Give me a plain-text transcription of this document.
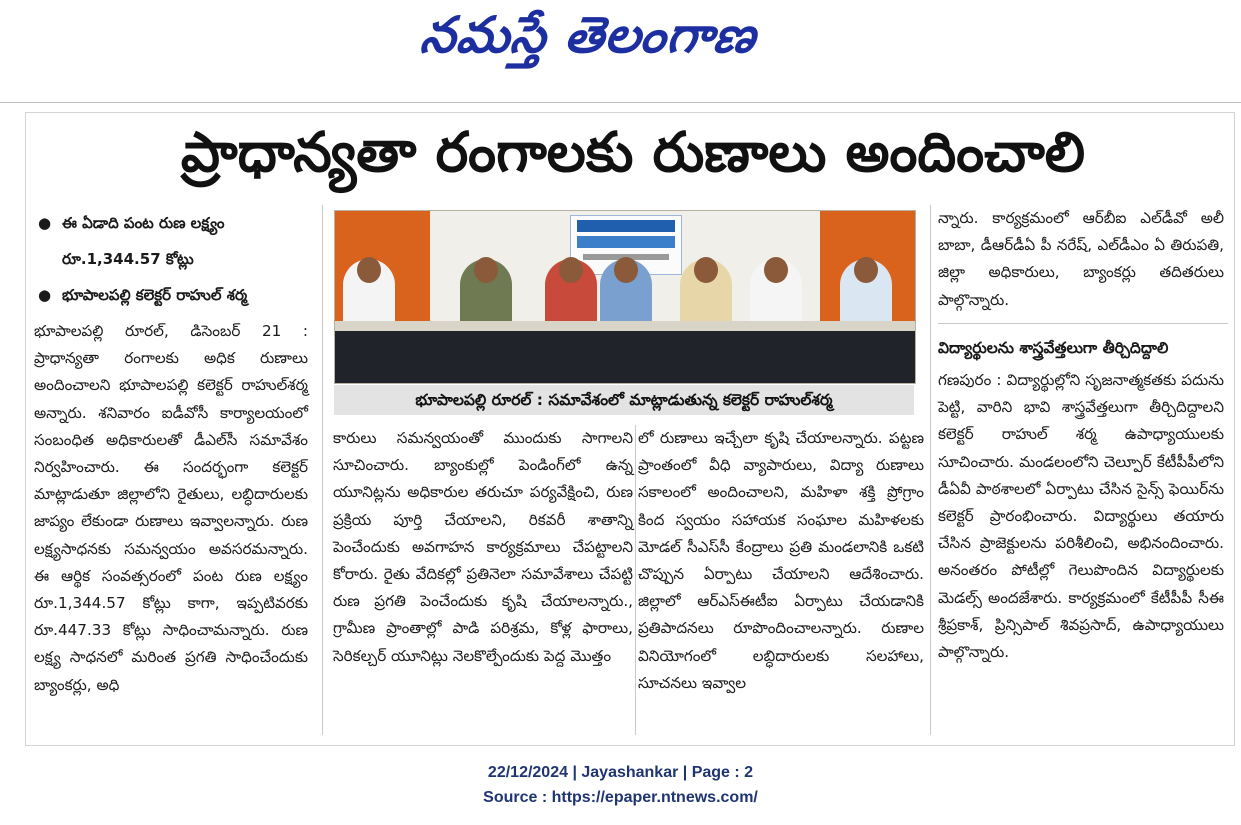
నమస్తే తెలంగాణ
ప్రాధాన్యతా రంగాలకు రుణాలు అందించాలి
● ఈ ఏడాది పంట రుణ లక్ష్యం
రూ.1,344.57 కోట్లు
● భూపాలపల్లి కలెక్టర్ రాహుల్ శర్మ

భూపాలపల్లి రూరల్, డిసెంబర్ 21 : ప్రాధాన్యతా రంగాలకు అధిక రుణాలు అందించాలని భూపాలపల్లి కలెక్టర్ రాహుల్‌శర్మ అన్నారు. శనివారం ఐడీవోసీ కార్యాలయంలో సంబంధిత అధికారులతో డీఎల్‌సీ సమావేశం నిర్వహించారు. ఈ సందర్భంగా కలెక్టర్ మాట్లాడుతూ జిల్లాలోని రైతులు, లబ్ధిదారులకు జాప్యం లేకుండా రుణాలు ఇవ్వాలన్నారు. రుణ లక్ష్యసాధనకు సమన్వయం అవసరమన్నారు. ఈ ఆర్థిక సంవత్సరంలో పంట రుణ లక్ష్యం రూ.1,344.57 కోట్లు కాగా, ఇప్పటివరకు రూ.447.33 కోట్లు సాధించామన్నారు. రుణ లక్ష్య సాధనలో మరింత ప్రగతి సాధించేందుకు బ్యాంకర్లు, అధి

భూపాలపల్లి రూరల్ : సమావేశంలో మాట్లాడుతున్న కలెక్టర్ రాహుల్‌శర్మ

కారులు సమన్వయంతో ముందుకు సాగాలని సూచించారు. బ్యాంకుల్లో పెండింగ్‌లో ఉన్న యూనిట్లను అధికారుల తరుచూ పర్యవేక్షించి, రుణ ప్రక్రియ పూర్తి చేయాలని, రికవరీ శాతాన్ని పెంచేందుకు అవగాహన కార్యక్రమాలు చేపట్టాలని కోరారు. రైతు వేదికల్లో ప్రతినెలా సమావేశాలు చేపట్టి రుణ ప్రగతి పెంచేందుకు కృషి చేయాలన్నారు., గ్రామీణ ప్రాంతాల్లో పాడి పరిశ్రమ, కోళ్ల ఫారాలు, సెరికల్చర్ యూనిట్లు నెలకొల్పేందుకు పెద్ద మొత్తం

లో రుణాలు ఇచ్చేలా కృషి చేయాలన్నారు. పట్టణ ప్రాంతంలో వీధి వ్యాపారులు, విద్యా రుణాలు సకాలంలో అందించాలని, మహిళా శక్తి ప్రోగ్రాం కింద స్వయం సహాయక సంఘాల మహిళలకు మోడల్ సీఎస్‌సీ కేంద్రాలు ప్రతి మండలానికి ఒకటి చొప్పున ఏర్పాటు చేయాలని ఆదేశించారు. జిల్లాలో ఆర్‌ఎస్‌ఈటీఐ ఏర్పాటు చేయడానికి ప్రతిపాదనలు రూపొందించాలన్నారు. రుణాల వినియోగంలో లబ్ధిదారులకు సలహాలు, సూచనలు ఇవ్వాల

న్నారు. కార్యక్రమంలో ఆర్‌బీఐ ఎల్‌డీవో అలీ బాబా, డీఆర్‌డీఏ పీ నరేష్, ఎల్‌డీఎం ఏ తిరుపతి, జిల్లా అధికారులు, బ్యాంకర్లు తదితరులు పాల్గొన్నారు.

విద్యార్థులను శాస్త్రవేత్తలుగా తీర్చిదిద్దాలి

గణపురం : విద్యార్థుల్లోని సృజనాత్మకతకు పదును పెట్టి, వారిని భావి శాస్త్రవేత్తలుగా తీర్చిదిద్దాలని కలెక్టర్ రాహుల్ శర్మ ఉపాధ్యాయులకు సూచించారు. మండలంలోని చెల్పూర్ కేటీపీపీలోని డీఏవీ పాఠశాలలో ఏర్పాటు చేసిన సైన్స్ ఫెయిర్‌ను కలెక్టర్ ప్రారంభించారు. విద్యార్థులు తయారు చేసిన ప్రాజెక్టులను పరిశీలించి, అభినందించారు. అనంతరం పోటీల్లో గెలుపొందిన విద్యార్థులకు మెడల్స్ అందజేశారు. కార్యక్రమంలో కేటీపీపీ సీఈ శ్రీప్రకాశ్, ప్రిన్సిపాల్ శివప్రసాద్, ఉపాధ్యాయులు పాల్గొన్నారు.

22/12/2024 | Jayashankar | Page : 2
Source : https://epaper.ntnews.com/
